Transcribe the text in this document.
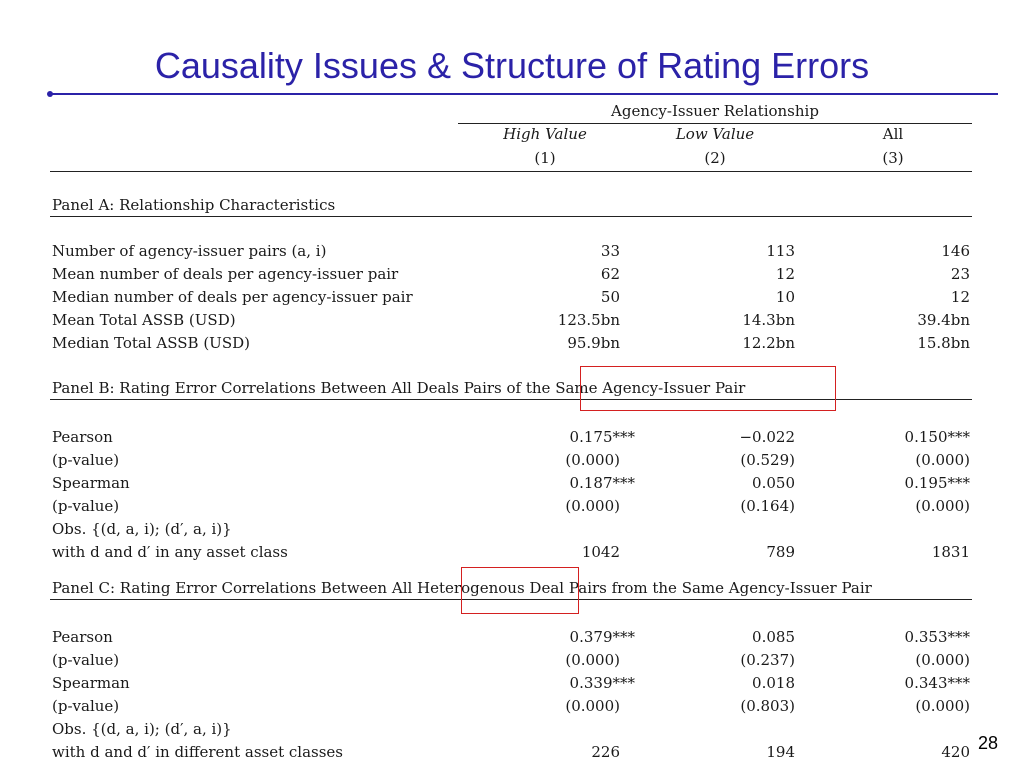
Causality Issues & Structure of Rating Errors
Agency-Issuer Relationship
High Value	Low Value	All
(1)	(2)	(3)
Panel A: Relationship Characteristics
Number of agency-issuer pairs (a, i)	33	113	146
Mean number of deals per agency-issuer pair	62	12	23
Median number of deals per agency-issuer pair	50	10	12
Mean Total ASSB (USD)	123.5bn	14.3bn	39.4bn
Median Total ASSB (USD)	95.9bn	12.2bn	15.8bn
Panel B: Rating Error Correlations Between All Deals Pairs of the Same Agency-Issuer Pair
Pearson	0.175***	−0.022	0.150***
(p-value)	(0.000)	(0.529)	(0.000)
Spearman	0.187***	0.050	0.195***
(p-value)	(0.000)	(0.164)	(0.000)
Obs. {(d, a, i); (d′, a, i)}
with d and d′ in any asset class	1042	789	1831
Panel C: Rating Error Correlations Between All Heterogenous Deal Pairs from the Same Agency-Issuer Pair
Pearson	0.379***	0.085	0.353***
(p-value)	(0.000)	(0.237)	(0.000)
Spearman	0.339***	0.018	0.343***
(p-value)	(0.000)	(0.803)	(0.000)
Obs. {(d, a, i); (d′, a, i)}
with d and d′ in different asset classes	226	194	420 28
